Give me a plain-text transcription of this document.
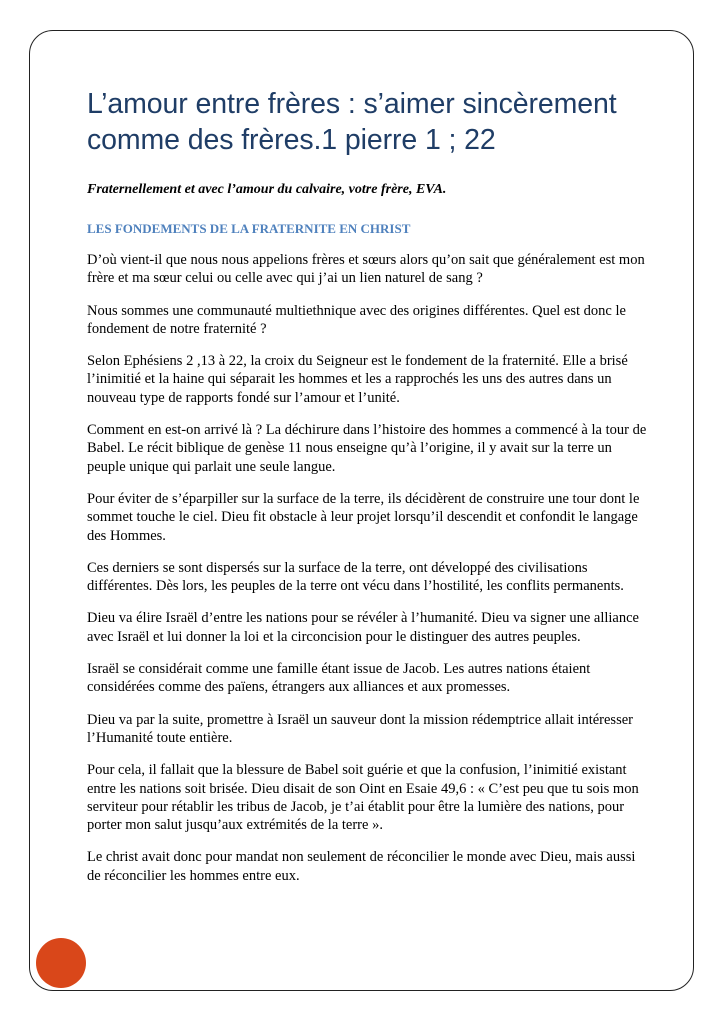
L’amour entre frères : s’aimer sincèrement
comme des frères.1 pierre 1 ; 22

Fraternellement et avec l’amour du calvaire, votre frère, EVA.

LES FONDEMENTS DE LA FRATERNITE EN CHRIST

D’où vient-il que nous nous appelions frères et sœurs alors qu’on sait que généralement est mon frère et ma sœur celui ou celle avec qui j’ai un lien naturel de sang ?

Nous sommes une communauté multiethnique avec des origines différentes. Quel est donc le fondement de notre fraternité ?

Selon Ephésiens 2 ,13 à 22, la croix du Seigneur est le fondement de la fraternité. Elle a brisé l’inimitié et la haine qui séparait les hommes et les a rapprochés les uns des autres dans un nouveau type de rapports fondé sur l’amour et l’unité.

Comment en est-on arrivé là ? La déchirure dans l’histoire des hommes a commencé à la tour de Babel. Le récit biblique de genèse 11 nous enseigne qu’à l’origine, il y avait sur la terre un peuple unique qui parlait une seule langue.

Pour éviter de s’éparpiller sur la surface de la terre, ils décidèrent de construire une tour dont le sommet touche le ciel. Dieu fit obstacle à leur projet lorsqu’il descendit et confondit le langage des Hommes.

Ces derniers se sont dispersés sur la surface de la terre, ont développé des civilisations différentes. Dès lors, les peuples de la terre ont vécu dans l’hostilité, les conflits permanents.

Dieu va élire Israël d’entre les nations pour se révéler à l’humanité. Dieu va signer une alliance avec Israël et lui donner la loi et la circoncision pour le distinguer des autres peuples.

Israël se considérait comme une famille étant issue de Jacob. Les autres nations étaient considérées comme des païens, étrangers aux alliances et aux promesses.

Dieu va par la suite, promettre à Israël un sauveur dont la mission rédemptrice allait intéresser l’Humanité toute entière.

Pour cela, il fallait que la blessure de Babel soit guérie et que la confusion, l’inimitié existant entre les nations soit brisée. Dieu disait de son Oint en Esaie 49,6 : « C’est peu que tu sois mon serviteur pour rétablir les tribus de Jacob, je t’ai établit pour être la lumière des nations, pour porter mon salut jusqu’aux extrémités de la terre ».

Le christ avait donc pour mandat non seulement de réconcilier le monde avec Dieu, mais aussi de réconcilier les hommes entre eux.
